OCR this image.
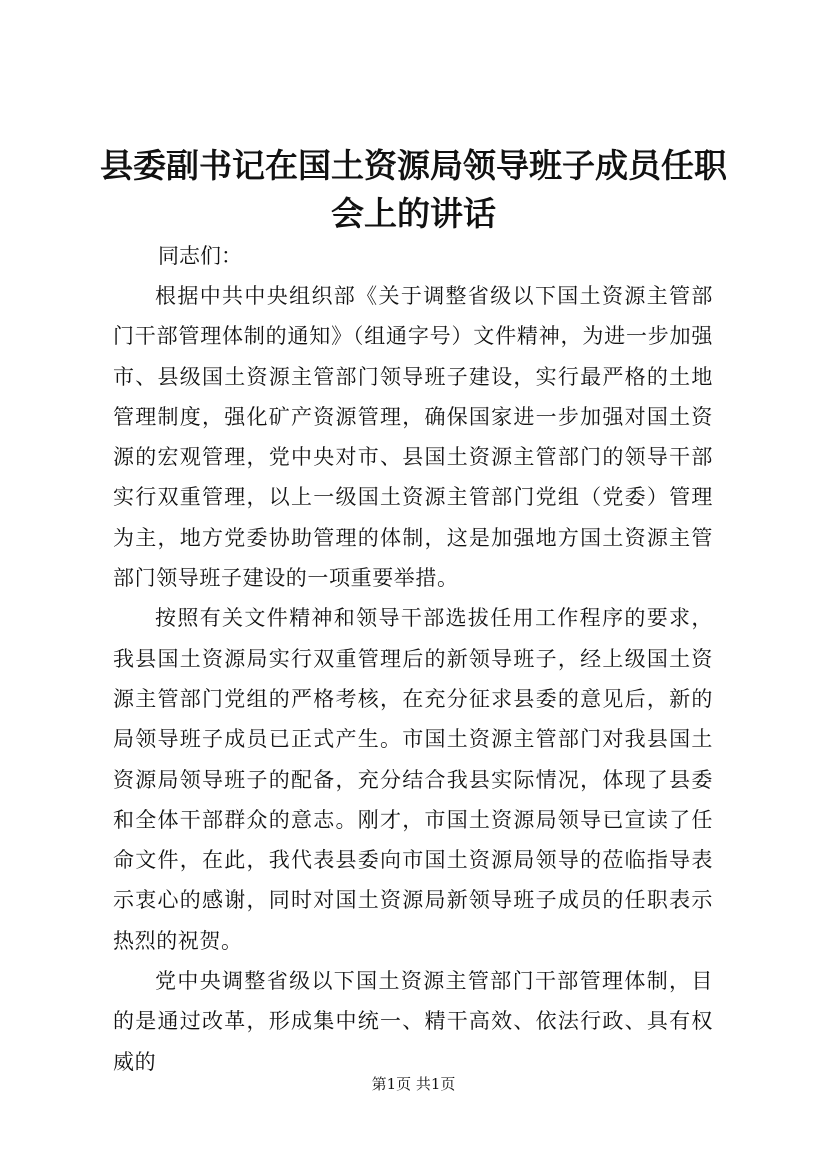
县委副书记在国土资源局领导班子成员任职会上的讲话

同志们：

根据中共中央组织部《关于调整省级以下国土资源主管部门干部管理体制的通知》（组通字号）文件精神，为进一步加强市、县级国土资源主管部门领导班子建设，实行最严格的土地管理制度，强化矿产资源管理，确保国家进一步加强对国土资源的宏观管理，党中央对市、县国土资源主管部门的领导干部实行双重管理，以上一级国土资源主管部门党组（党委）管理为主，地方党委协助管理的体制，这是加强地方国土资源主管部门领导班子建设的一项重要举措。

按照有关文件精神和领导干部选拔任用工作程序的要求，我县国土资源局实行双重管理后的新领导班子，经上级国土资源主管部门党组的严格考核，在充分征求县委的意见后，新的局领导班子成员已正式产生。市国土资源主管部门对我县国土资源局领导班子的配备，充分结合我县实际情况，体现了县委和全体干部群众的意志。刚才，市国土资源局领导已宣读了任命文件，在此，我代表县委向市国土资源局领导的莅临指导表示衷心的感谢，同时对国土资源局新领导班子成员的任职表示热烈的祝贺。

党中央调整省级以下国土资源主管部门干部管理体制，目的是通过改革，形成集中统一、精干高效、依法行政、具有权威的

第1页 共1页
